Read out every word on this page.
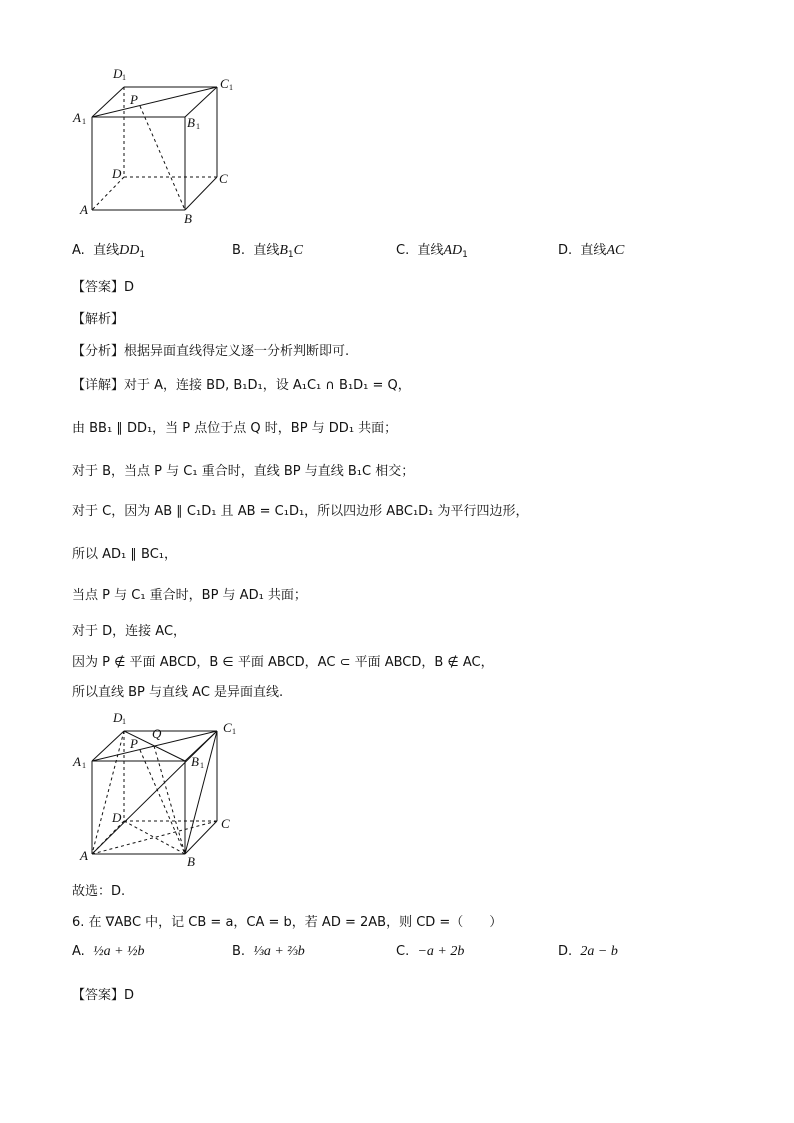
D 1	C 1
A 1	B 1
P
D	C
A
B
A. 直线$DD_1$	B. 直线$B_1C$	C. 直线$AD_1$	D. 直线AC
【答案】D
【解析】
【分析】根据异面直线得定义逐一分析判断即可.
【详解】对于 A，连接 BD, B₁D₁，设 A₁C₁ ∩ B₁D₁ = Q，
由 BB₁ ∥ DD₁，当 P 点位于点 Q 时，BP 与 DD₁ 共面；
对于 B，当点 P 与 C₁ 重合时，直线 BP 与直线 B₁C 相交；
对于 C，因为 AB ∥ C₁D₁ 且 AB = C₁D₁，所以四边形 ABC₁D₁ 为平行四边形，
所以 AD₁ ∥ BC₁，
当点 P 与 C₁ 重合时，BP 与 AD₁ 共面；
对于 D，连接 AC，
因为 P ∉ 平面 ABCD，B ∈ 平面 ABCD，AC ⊂ 平面 ABCD，B ∉ AC，
所以直线 BP 与直线 AC 是异面直线.
D 1	C 1
A 1	B 1
P
Q
D	C
A	B
故选：D.
6. 在 ∇ABC 中，记 CB = a，CA = b，若 AD = 2AB，则 CD =（　　）
A. ½a + ½b	B. ⅓a + ⅔b	C. −a + 2b	D. 2a − b
【答案】D
